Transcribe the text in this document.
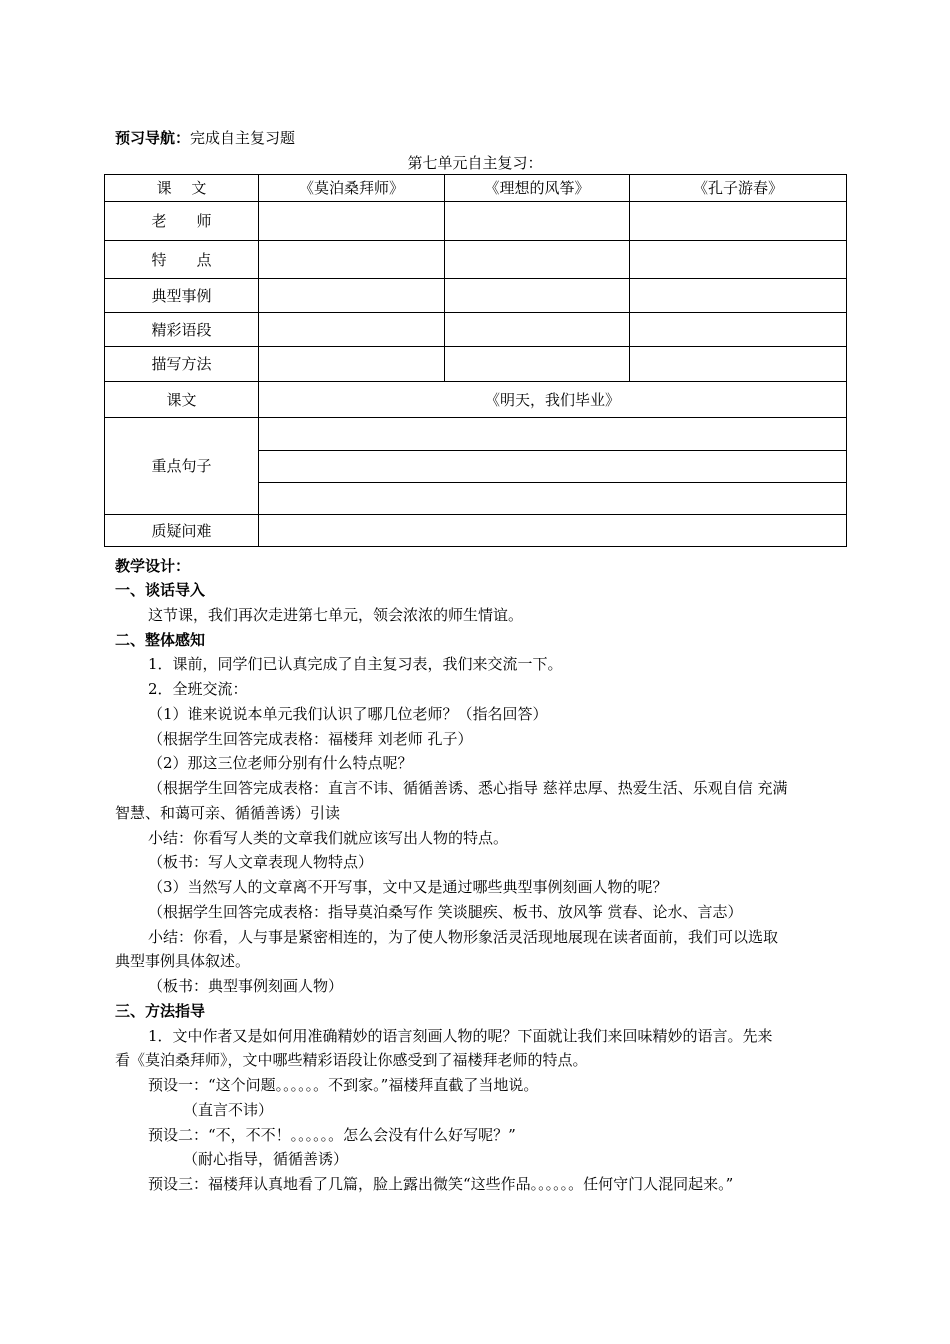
预习导航：完成自主复习题
第七单元自主复习：
课　 文	《莫泊桑拜师》	《理想的风筝》	《孔子游春》
老　　师			
特　　点			
典型事例			
精彩语段			
描写方法			
课文	《明天，我们毕业》		
重点句子			

质疑问难			
教学设计：
一、谈话导入
这节课，我们再次走进第七单元，领会浓浓的师生情谊。
二、整体感知
1．课前，同学们已认真完成了自主复习表，我们来交流一下。
2．全班交流：
（1）谁来说说本单元我们认识了哪几位老师？（指名回答）
（根据学生回答完成表格：福楼拜 刘老师 孔子）
（2）那这三位老师分别有什么特点呢？
（根据学生回答完成表格：直言不讳、循循善诱、悉心指导 慈祥忠厚、热爱生活、乐观自信 充满
智慧、和蔼可亲、循循善诱）引读
小结：你看写人类的文章我们就应该写出人物的特点。
（板书：写人文章表现人物特点）
（3）当然写人的文章离不开写事，文中又是通过哪些典型事例刻画人物的呢？
（根据学生回答完成表格：指导莫泊桑写作 笑谈腿疾、板书、放风筝 赏春、论水、言志）
小结：你看，人与事是紧密相连的，为了使人物形象活灵活现地展现在读者面前，我们可以选取
典型事例具体叙述。
（板书：典型事例刻画人物）
三、方法指导
1．文中作者又是如何用准确精妙的语言刻画人物的呢？下面就让我们来回味精妙的语言。先来
看《莫泊桑拜师》，文中哪些精彩语段让你感受到了福楼拜老师的特点。
预设一：“这个问题。。。。。。不到家。”福楼拜直截了当地说。
（直言不讳）
预设二：“不，不不！。。。。。。怎么会没有什么好写呢？”
（耐心指导，循循善诱）
预设三：福楼拜认真地看了几篇，脸上露出微笑“这些作品。。。。。。任何守门人混同起来。”
